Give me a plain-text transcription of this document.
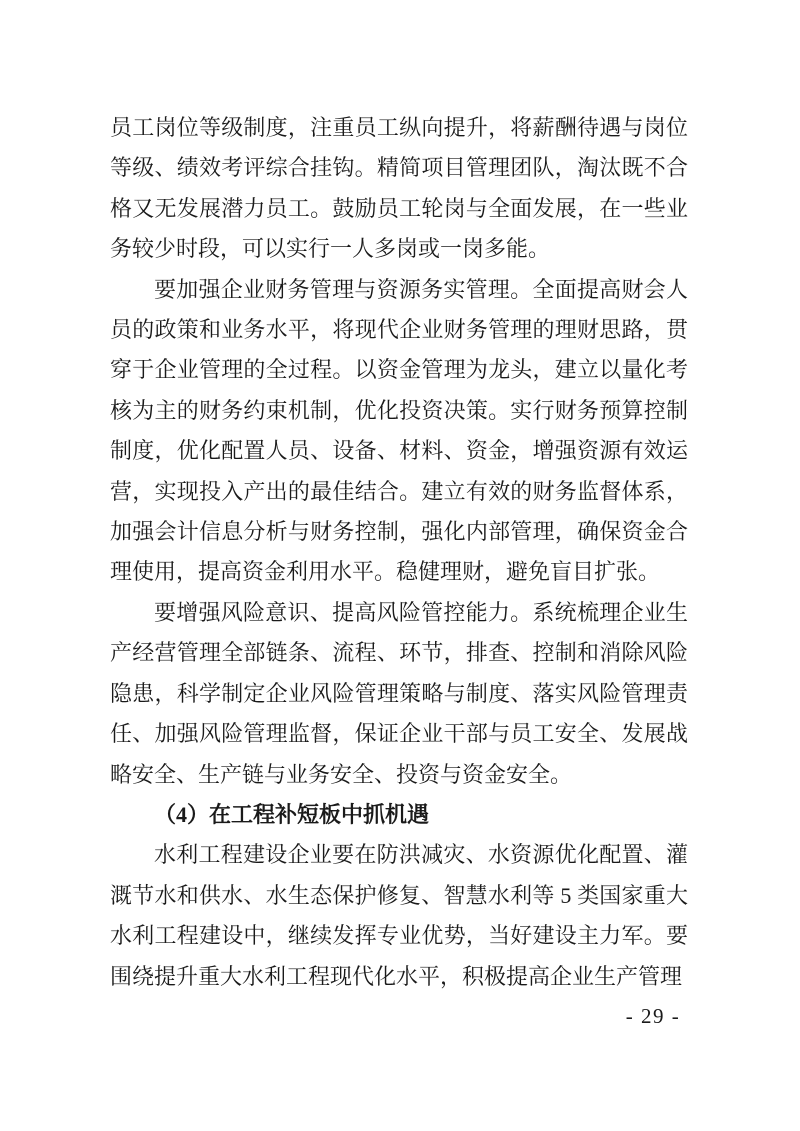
员工岗位等级制度，注重员工纵向提升，将薪酬待遇与岗位等级、绩效考评综合挂钩。精简项目管理团队，淘汰既不合格又无发展潜力员工。鼓励员工轮岗与全面发展，在一些业务较少时段，可以实行一人多岗或一岗多能。

要加强企业财务管理与资源务实管理。全面提高财会人员的政策和业务水平，将现代企业财务管理的理财思路，贯穿于企业管理的全过程。以资金管理为龙头，建立以量化考核为主的财务约束机制，优化投资决策。实行财务预算控制制度，优化配置人员、设备、材料、资金，增强资源有效运营，实现投入产出的最佳结合。建立有效的财务监督体系，加强会计信息分析与财务控制，强化内部管理，确保资金合理使用，提高资金利用水平。稳健理财，避免盲目扩张。

要增强风险意识、提高风险管控能力。系统梳理企业生产经营管理全部链条、流程、环节，排查、控制和消除风险隐患，科学制定企业风险管理策略与制度、落实风险管理责任、加强风险管理监督，保证企业干部与员工安全、发展战略安全、生产链与业务安全、投资与资金安全。

（4）在工程补短板中抓机遇

水利工程建设企业要在防洪减灾、水资源优化配置、灌溉节水和供水、水生态保护修复、智慧水利等 5 类国家重大水利工程建设中，继续发挥专业优势，当好建设主力军。要围绕提升重大水利工程现代化水平，积极提高企业生产管理

- 29 -
